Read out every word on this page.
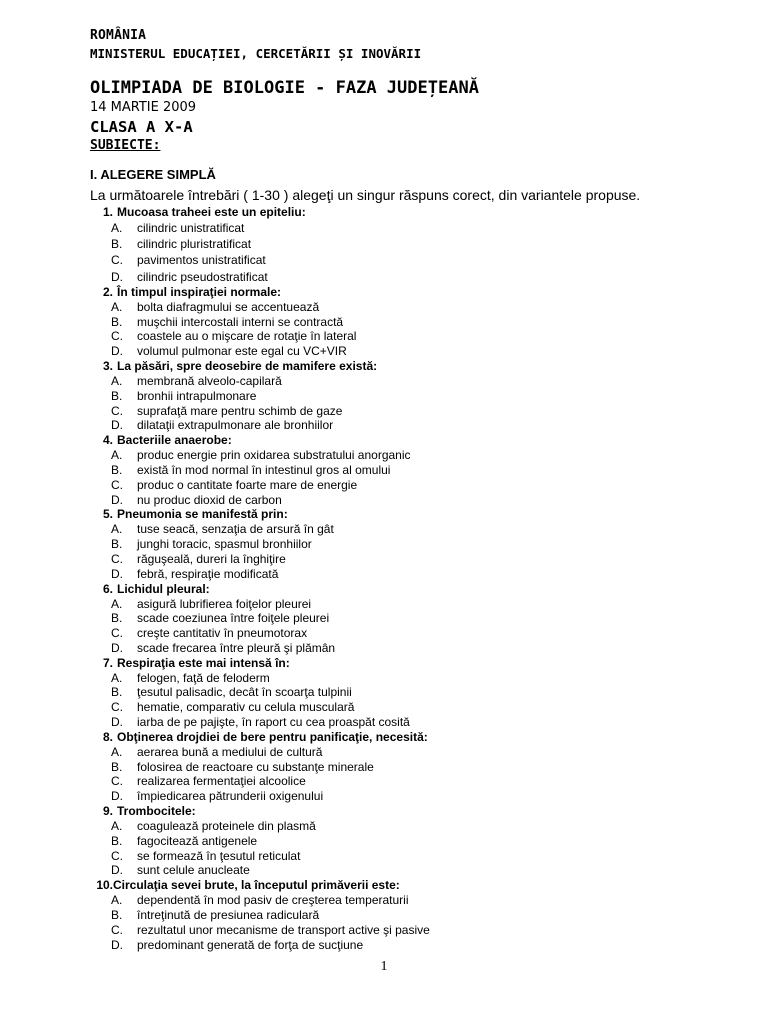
ROMÂNIA
MINISTERUL EDUCAȚIEI, CERCETĂRII ȘI INOVĂRII
OLIMPIADA DE BIOLOGIE - FAZA JUDEȚEANĂ
14 MARTIE 2009
CLASA A X-A
SUBIECTE:
I. ALEGERE SIMPLĂ
La următoarele întrebări ( 1-30 ) alegeţi un singur răspuns corect, din variantele propuse.
1. Mucoasa traheei este un epiteliu:
A. cilindric unistratificat
B. cilindric pluristratificat
C. pavimentos unistratificat
D. cilindric pseudostratificat
2. În timpul inspiraţiei normale:
A. bolta diafragmului se accentuează
B. muşchii intercostali interni se contractă
C. coastele au o mişcare de rotaţie în lateral
D. volumul pulmonar este egal cu VC+VIR
3. La păsări, spre deosebire de mamifere există:
A. membrană alveolo-capilară
B. bronhii intrapulmonare
C. suprafaţă mare pentru schimb de gaze
D. dilataţii extrapulmonare ale bronhiilor
4. Bacteriile anaerobe:
A. produc energie prin oxidarea substratului anorganic
B. există în mod normal în intestinul gros al omului
C. produc o cantitate foarte mare de energie
D. nu produc dioxid de carbon
5. Pneumonia se manifestă prin:
A. tuse seacă, senzaţia de arsură în gât
B. junghi toracic, spasmul bronhiilor
C. răguşeală, dureri la înghiţire
D. febră, respiraţie modificată
6. Lichidul pleural:
A. asigură lubrifierea foiţelor pleurei
B. scade coeziunea între foiţele pleurei
C. creşte cantitativ în pneumotorax
D. scade frecarea între pleură şi plămân
7. Respiraţia este mai intensă în:
A. felogen, faţă de feloderm
B. ţesutul palisadic, decât în scoarţa tulpinii
C. hematie, comparativ cu celula musculară
D. iarba de pe pajişte, în raport cu cea proaspăt cosită
8. Obţinerea drojdiei de bere pentru panificaţie, necesită:
A. aerarea bună a mediului de cultură
B. folosirea de reactoare cu substanţe minerale
C. realizarea fermentaţiei alcoolice
D. împiedicarea pătrunderii oxigenului
9. Trombocitele:
A. coagulează proteinele din plasmă
B. fagocitează antigenele
C. se formează în ţesutul reticulat
D. sunt celule anucleate
10.Circulaţia sevei brute, la începutul primăverii este:
A. dependentă în mod pasiv de creşterea temperaturii
B. întreţinută de presiunea radiculară
C. rezultatul unor mecanisme de transport active şi pasive
D. predominant generată de forţa de sucţiune
1
